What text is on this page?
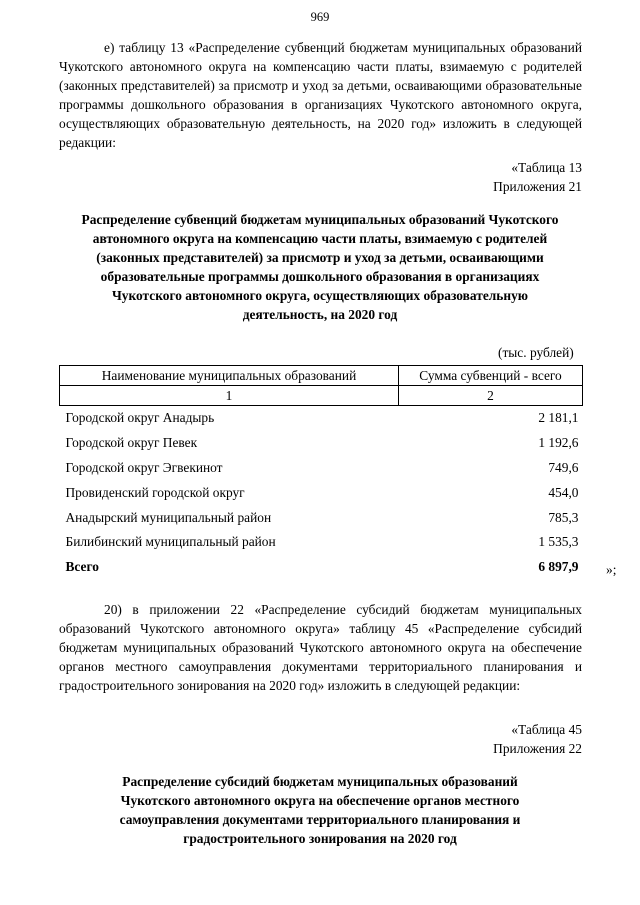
969

е) таблицу 13 «Распределение субвенций бюджетам муниципальных образований Чукотского автономного округа на компенсацию части платы, взимаемую с родителей (законных представителей) за присмотр и уход за детьми, осваивающими образовательные программы дошкольного образования в организациях Чукотского автономного округа, осуществляющих образовательную деятельность, на 2020 год» изложить в следующей редакции:

«Таблица 13
Приложения 21

Распределение субвенций бюджетам муниципальных образований Чукотского автономного округа на компенсацию части платы, взимаемую с родителей (законных представителей) за присмотр и уход за детьми, осваивающими образовательные программы дошкольного образования в организациях Чукотского автономного округа, осуществляющих образовательную деятельность, на 2020 год

(тыс. рублей)
Наименование муниципальных образований	Сумма субвенций - всего
1	2
Городской округ Анадырь	2 181,1
Городской округ Певек	1 192,6
Городской округ Эгвекинот	749,6
Провиденский городской округ	454,0
Анадырский муниципальный район	785,3
Билибинский муниципальный район	1 535,3
Всего	6 897,9 »;

20) в приложении 22 «Распределение субсидий бюджетам муниципальных образований Чукотского автономного округа» таблицу 45 «Распределение субсидий бюджетам муниципальных образований Чукотского автономного округа на обеспечение органов местного самоуправления документами территориального планирования и градостроительного зонирования на 2020 год» изложить в следующей редакции:

«Таблица 45
Приложения 22

Распределение субсидий бюджетам муниципальных образований Чукотского автономного округа на обеспечение органов местного самоуправления документами территориального планирования и градостроительного зонирования на 2020 год
